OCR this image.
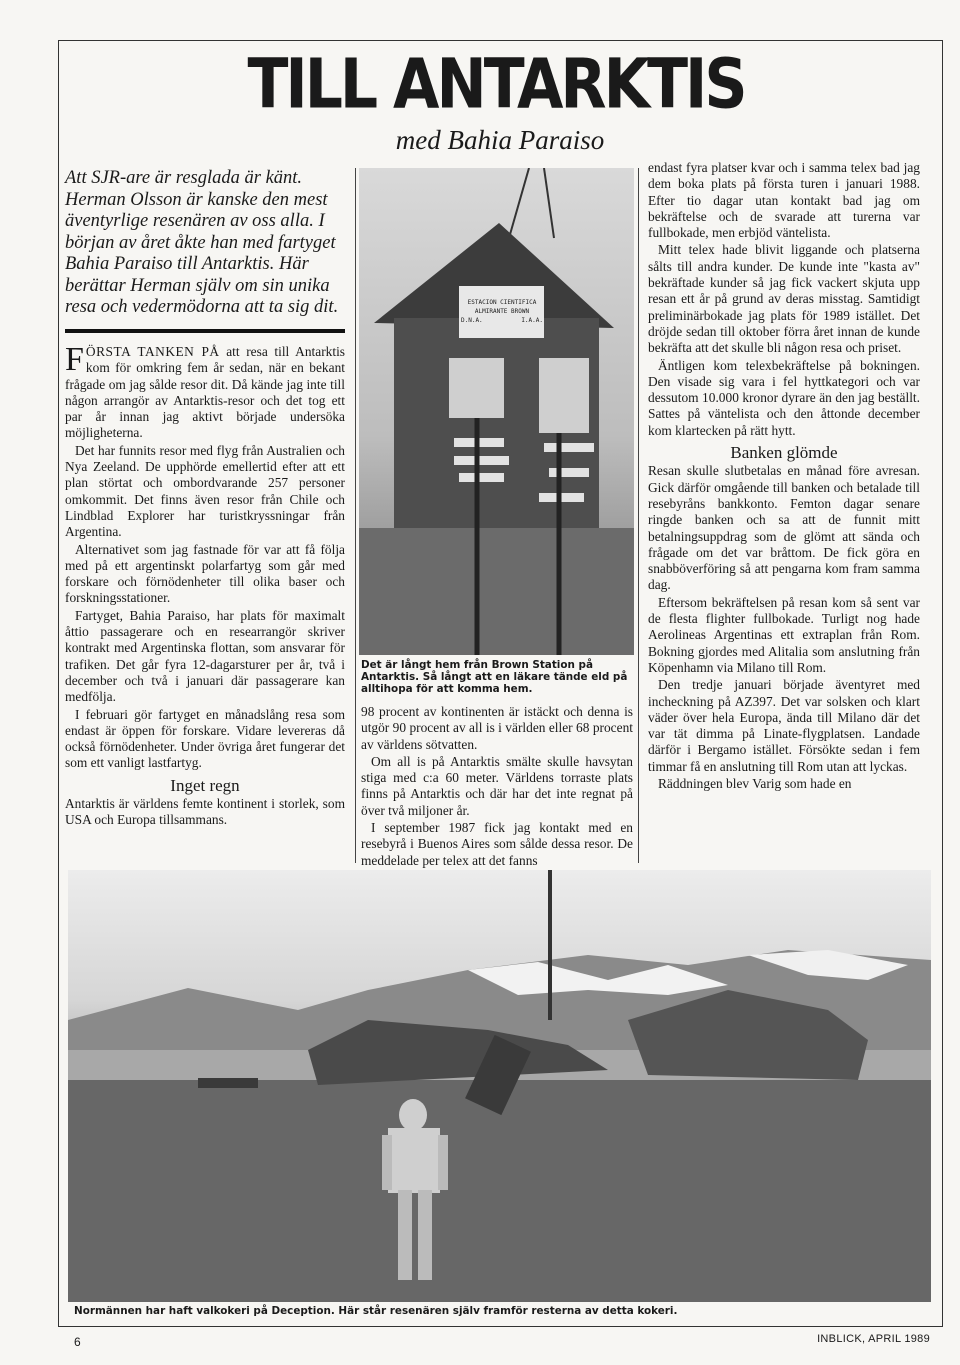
TILL ANTARKTIS
med Bahia Paraiso
Att SJR-are är resglada är känt. Herman Olsson är kanske den mest äventyrlige resenären av oss alla. I början av året åkte han med fartyget Bahia Paraiso till Antarktis. Här berättar Herman själv om sin unika resa och vedermödorna att ta sig dit.

FÖRSTA TANKEN PÅ att resa till Antarktis kom för omkring fem år sedan, när en bekant frågade om jag sålde resor dit. Då kände jag inte till någon arrangör av Antarktis-resor och det tog ett par år innan jag aktivt började undersöka möjligheterna.

Det har funnits resor med flyg från Australien och Nya Zeeland. De upphörde emellertid efter att ett plan störtat och ombordvarande 257 personer omkommit. Det finns även resor från Chile och Lindblad Explorer har turistkryssningar från Argentina.

Alternativet som jag fastnade för var att få följa med på ett argentinskt polarfartyg som går med forskare och förnödenheter till olika baser och forskningsstationer.

Fartyget, Bahia Paraiso, har plats för maximalt åttio passagerare och en researrangör skriver kontrakt med Argentinska flottan, som ansvarar för trafiken. Det går fyra 12-dagarsturer per år, två i december och två i januari där passagerare kan medfölja.

I februari gör fartyget en månadslång resa som endast är öppen för forskare. Vidare levereras då också förnödenheter. Under övriga året fungerar det som ett vanligt lastfartyg.

Inget regn

Antarktis är världens femte kontinent i storlek, som USA och Europa tillsammans.

ESTACION CIENTIFICA
ALMIRANTE BROWN
D.N.A.	I.A.A.
Det är långt hem från Brown Station på Antarktis. Så långt att en läkare tände eld på alltihopa för att komma hem.

98 procent av kontinenten är istäckt och denna is utgör 90 procent av all is i världen eller 68 procent av världens sötvatten.

Om all is på Antarktis smälte skulle havsytan stiga med c:a 60 meter. Världens torraste plats finns på Antarktis och där har det inte regnat på över två miljoner år.

I september 1987 fick jag kontakt med en resebyrå i Buenos Aires som sålde dessa resor. De meddelade per telex att det fanns

endast fyra platser kvar och i samma telex bad jag dem boka plats på första turen i januari 1988. Efter tio dagar utan kontakt bad jag om bekräftelse och de svarade att turerna var fullbokade, men erbjöd väntelista.

Mitt telex hade blivit liggande och platserna sålts till andra kunder. De kunde inte "kasta av" bekräftade kunder så jag fick vackert skjuta upp resan ett år på grund av deras misstag. Samtidigt preliminärbokade jag plats för 1989 istället. Det dröjde sedan till oktober förra året innan de kunde bekräfta att det skulle bli någon resa och priset.

Äntligen kom telexbekräftelse på bokningen. Den visade sig vara i fel hyttkategori och var dessutom 10.000 kronor dyrare än den jag beställt. Sattes på väntelista och den åttonde december kom klartecken på rätt hytt.

Banken glömde

Resan skulle slutbetalas en månad före avresan. Gick därför omgående till banken och betalade till resebyråns bankkonto. Femton dagar senare ringde banken och sa att de funnit mitt betalningsuppdrag som de glömt att sända och frågade om det var bråttom. De fick göra en snabböverföring så att pengarna kom fram samma dag.

Eftersom bekräftelsen på resan kom så sent var de flesta flighter fullbokade. Turligt nog hade Aerolineas Argentinas ett extraplan från Rom. Bokning gjordes med Alitalia som anslutning från Köpenhamn via Milano till Rom.

Den tredje januari började äventyret med incheckning på AZ397. Det var solsken och klart väder över hela Europa, ända till Milano där det var tät dimma på Linate-flygplatsen. Landade därför i Bergamo istället. Försökte sedan i fem timmar få en anslutning till Rom utan att lyckas.

Räddningen blev Varig som hade en

Normännen har haft valkokeri på Deception. Här står resenären själv framför resterna av detta kokeri.
6	INBLICK, APRIL 1989
